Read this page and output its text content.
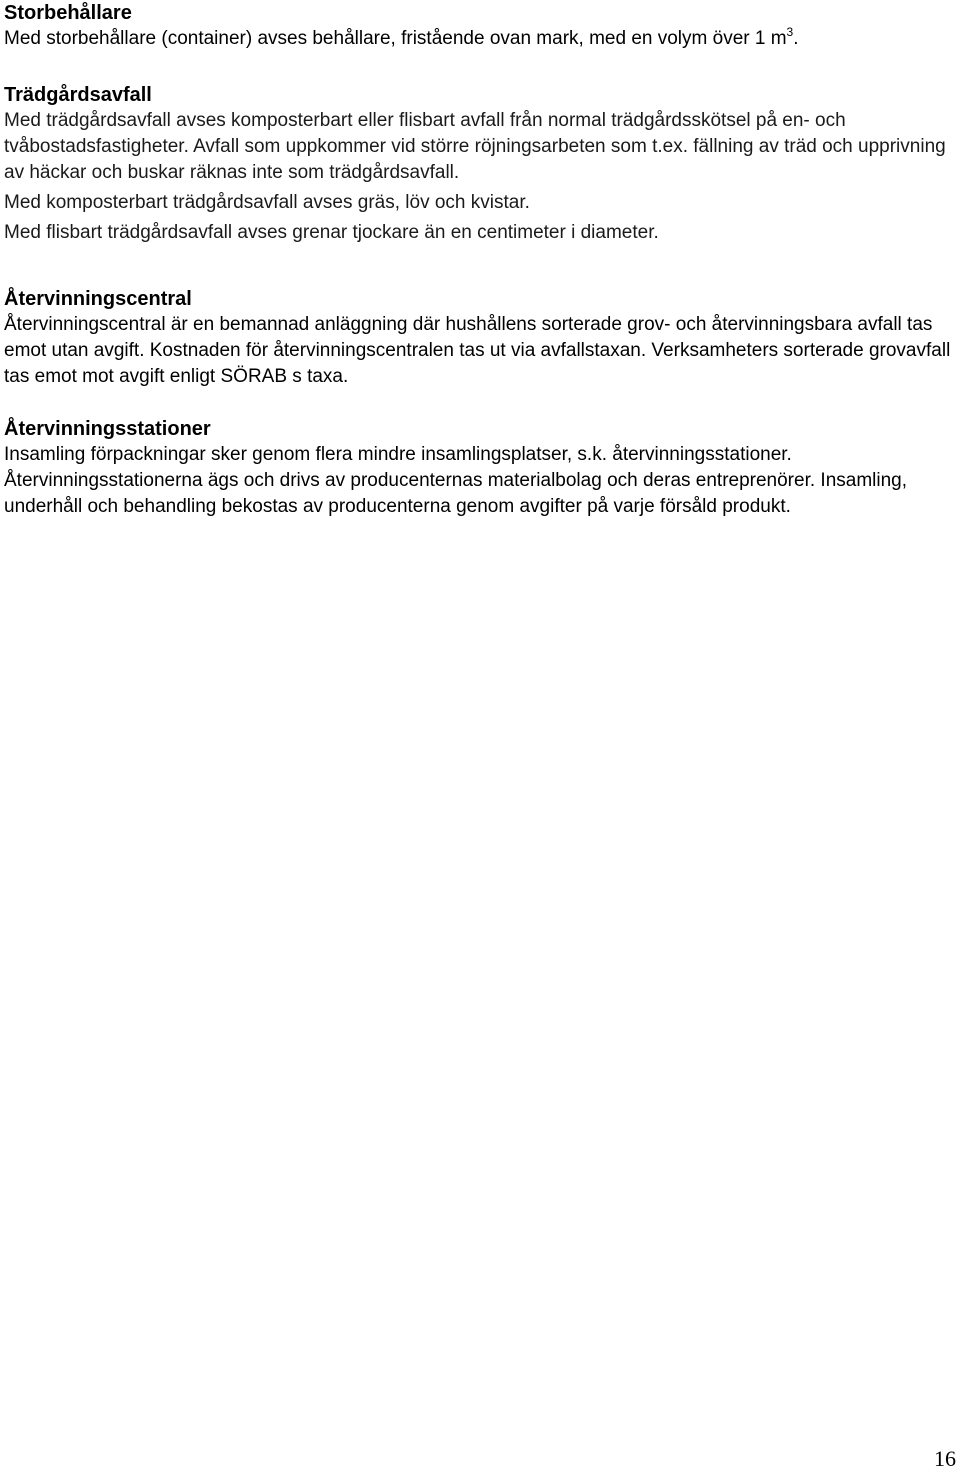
Storbehållare

Med storbehållare (container) avses behållare, fristående ovan mark, med en volym över 1 $m^3$.

Trädgårdsavfall

Med trädgårdsavfall avses komposterbart eller flisbart avfall från normal trädgårdsskötsel på en- och tvåbostadsfastigheter. Avfall som uppkommer vid större röjningsarbeten som t.ex. fällning av träd och upprivning av häckar och buskar räknas inte som trädgårdsavfall.

Med komposterbart trädgårdsavfall avses gräs, löv och kvistar.

Med flisbart trädgårdsavfall avses grenar tjockare än en centimeter i diameter.

Återvinningscentral

Återvinningscentral är en bemannad anläggning där hushållens sorterade grov- och återvinningsbara avfall tas emot utan avgift. Kostnaden för återvinningscentralen tas ut via avfallstaxan. Verksamheters sorterade grovavfall tas emot mot avgift enligt SÖRAB s taxa.

Återvinningsstationer

Insamling förpackningar sker genom flera mindre insamlingsplatser, s.k. återvinningsstationer. Återvinningsstationerna ägs och drivs av producenternas materialbolag och deras entreprenörer. Insamling, underhåll och behandling bekostas av producenterna genom avgifter på varje försåld produkt.

16
